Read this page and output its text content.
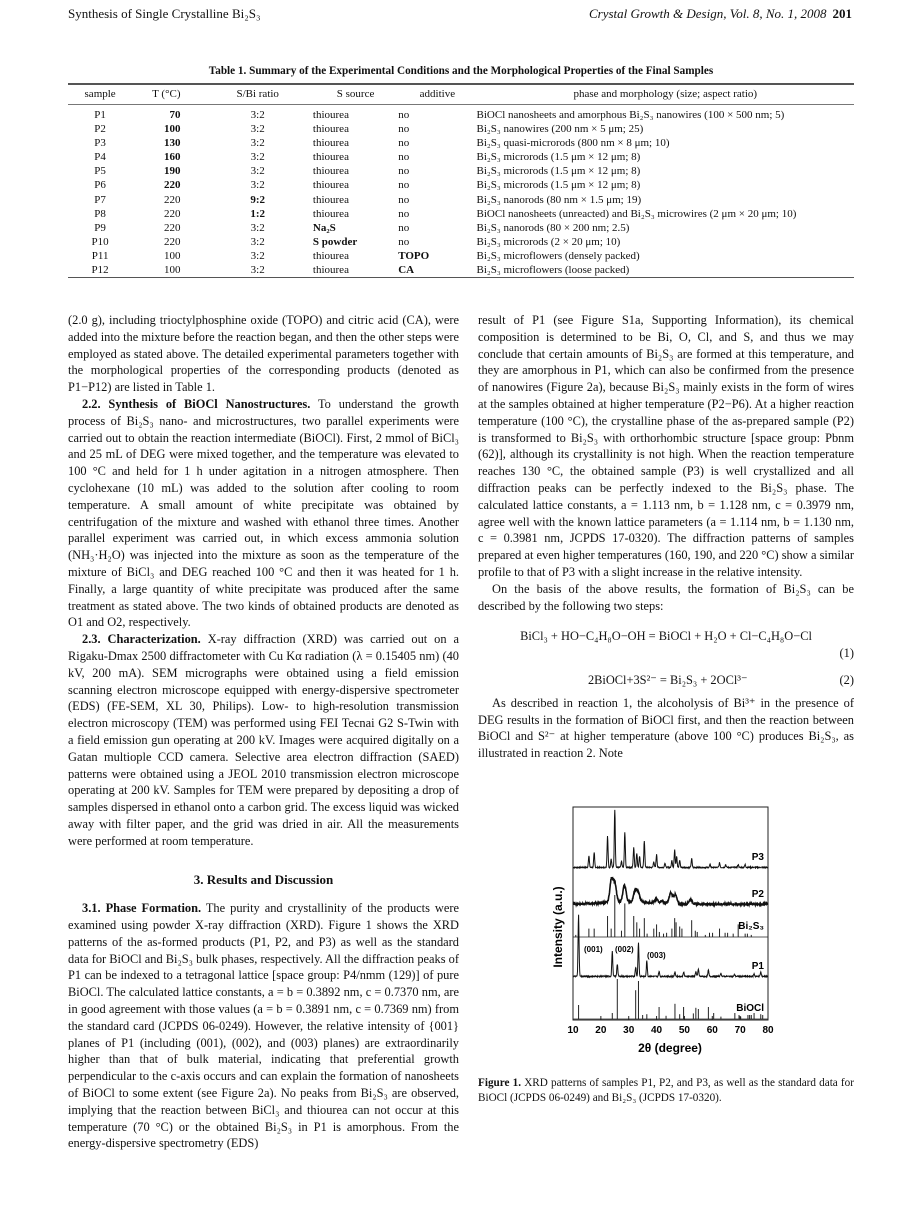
Synthesis of Single Crystalline Bi₂S₃	Crystal Growth & Design, Vol. 8, No. 1, 2008 201
Table 1. Summary of the Experimental Conditions and the Morphological Properties of the Final Samples
sample	T (°C)	S/Bi ratio	S source	additive	phase and morphology (size; aspect ratio)
P1	70	3:2	thiourea	no	BiOCl nanosheets and amorphous Bi₂S₃ nanowires (100 × 500 nm; 5)
P2	100	3:2	thiourea	no	Bi₂S₃ nanowires (200 nm × 5 μm; 25)
P3	130	3:2	thiourea	no	Bi₂S₃ quasi-microrods (800 nm × 8 μm; 10)
P4	160	3:2	thiourea	no	Bi₂S₃ microrods (1.5 μm × 12 μm; 8)
P5	190	3:2	thiourea	no	Bi₂S₃ microrods (1.5 μm × 12 μm; 8)
P6	220	3:2	thiourea	no	Bi₂S₃ microrods (1.5 μm × 12 μm; 8)
P7	220	9:2	thiourea	no	Bi₂S₃ nanorods (80 nm × 1.5 μm; 19)
P8	220	1:2	thiourea	no	BiOCl nanosheets (unreacted) and Bi₂S₃ microwires (2 μm × 20 μm; 10)
P9	220	3:2	Na₂S	no	Bi₂S₃ nanorods (80 × 200 nm; 2.5)
P10	220	3:2	S powder	no	Bi₂S₃ microrods (2 × 20 μm; 10)
P11	100	3:2	thiourea	TOPO	Bi₂S₃ microflowers (densely packed)
P12	100	3:2	thiourea	CA	Bi₂S₃ microflowers (loose packed)

(2.0 g), including trioctylphosphine oxide (TOPO) and citric acid (CA), were added into the mixture before the reaction began, and then the other steps were employed as stated above. The detailed experimental parameters together with the morphological properties of the corresponding products (denoted as P1−P12) are listed in Table 1.

2.2. Synthesis of BiOCl Nanostructures. To understand the growth process of Bi₂S₃ nano- and microstructures, two parallel experiments were carried out to obtain the reaction intermediate (BiOCl). First, 2 mmol of BiCl₃ and 25 mL of DEG were mixed together, and the temperature was elevated to 100 °C and held for 1 h under agitation in a nitrogen atmosphere. Then cyclohexane (10 mL) was added to the solution after cooling to room temperature. A small amount of white precipitate was obtained by centrifugation of the mixture and washed with ethanol three times. Another parallel experiment was carried out, in which excess ammonia solution (NH₃·H₂O) was injected into the mixture as soon as the temperature of the mixture of BiCl₃ and DEG reached 100 °C and then it was heated for 1 h. Finally, a large quantity of white precipitate was produced after the same treatment as stated above. The two kinds of obtained products are denoted as O1 and O2, respectively.

2.3. Characterization. X-ray diffraction (XRD) was carried out on a Rigaku-Dmax 2500 diffractometer with Cu Kα radiation (λ = 0.15405 nm) (40 kV, 200 mA). SEM micrographs were obtained using a field emission scanning electron microscope equipped with energy-dispersive spectrometer (EDS) (FE-SEM, XL 30, Philips). Low- to high-resolution transmission electron microscopy (TEM) was performed using FEI Tecnai G2 S-Twin with a field emission gun operating at 200 kV. Images were acquired digitally on a Gatan multiople CCD camera. Selective area electron diffraction (SAED) patterns were obtained using a JEOL 2010 transmission electron microscope operating at 200 kV. Samples for TEM were prepared by depositing a drop of samples dispersed in ethanol onto a carbon grid. The excess liquid was wicked away with filter paper, and the grid was dried in air. All the measurements were performed at room temperature.

3. Results and Discussion

3.1. Phase Formation. The purity and crystallinity of the products were examined using powder X-ray diffraction (XRD). Figure 1 shows the XRD patterns of the as-formed products (P1, P2, and P3) as well as the standard data for BiOCl and Bi₂S₃ bulk phases, respectively. All the diffraction peaks of P1 can be indexed to a tetragonal lattice [space group: P4/nmm (129)] of pure BiOCl. The calculated lattice constants, a = b = 0.3892 nm, c = 0.7370 nm, are in good agreement with those values (a = b = 0.3891 nm, c = 0.7369 nm) from the standard card (JCPDS 06-0249). However, the relative intensity of {001} planes of P1 (including (001), (002), and (003) planes) are extraordinarily higher than that of bulk material, indicating that preferential growth perpendicular to the c-axis occurs and can explain the formation of nanosheets of BiOCl to some extent (see Figure 2a). No peaks from Bi₂S₃ are observed, implying that the reaction between BiCl₃ and thiourea can not occur at this temperature (70 °C) or the obtained Bi₂S₃ in P1 is amorphous. From the energy-dispersive spectrometry (EDS)

result of P1 (see Figure S1a, Supporting Information), its chemical composition is determined to be Bi, O, Cl, and S, and thus we may conclude that certain amounts of Bi₂S₃ are formed at this temperature, and they are amorphous in P1, which can also be confirmed from the presence of nanowires (Figure 2a), because Bi₂S₃ mainly exists in the form of wires at the samples obtained at higher temperature (P2−P6). At a higher reaction temperature (100 °C), the crystalline phase of the as-prepared sample (P2) is transformed to Bi₂S₃ with orthorhombic structure [space group: Pbnm (62)], although its crystallinity is not high. When the reaction temperature reaches 130 °C, the obtained sample (P3) is well crystallized and all diffraction peaks can be perfectly indexed to the Bi₂S₃ phase. The calculated lattice constants, a = 1.113 nm, b = 1.128 nm, c = 0.3979 nm, agree well with the known lattice parameters (a = 1.114 nm, b = 1.130 nm, c = 0.3981 nm, JCPDS 17-0320). The diffraction patterns of samples prepared at even higher temperatures (160, 190, and 220 °C) show a similar profile to that of P3 with a slight increase in the relative intensity.

On the basis of the above results, the formation of Bi₂S₃ can be described by the following two steps:

BiCl₃ + HO−C₄H₈O−OH = BiOCl + H₂O + Cl−C₄H₈O−Cl
(1)
2BiOCl+3S²⁻ = Bi₂S₃ + 2OCl³⁻	(2)

As described in reaction 1, the alcoholysis of Bi³⁺ in the presence of DEG results in the formation of BiOCl first, and then the reaction between BiOCl and S²⁻ at higher temperature (above 100 °C) produces Bi₂S₃, as illustrated in reaction 2. Note

10 20 30 40 50 60 70 80
P3
P2
Bi₂S₃
P1
BiOCl
(001) (002)
(003)
Intensity (a.u.)
2θ (degree)
Figure 1. XRD patterns of samples P1, P2, and P3, as well as the standard data for BiOCl (JCPDS 06-0249) and Bi₂S₃ (JCPDS 17-0320).
